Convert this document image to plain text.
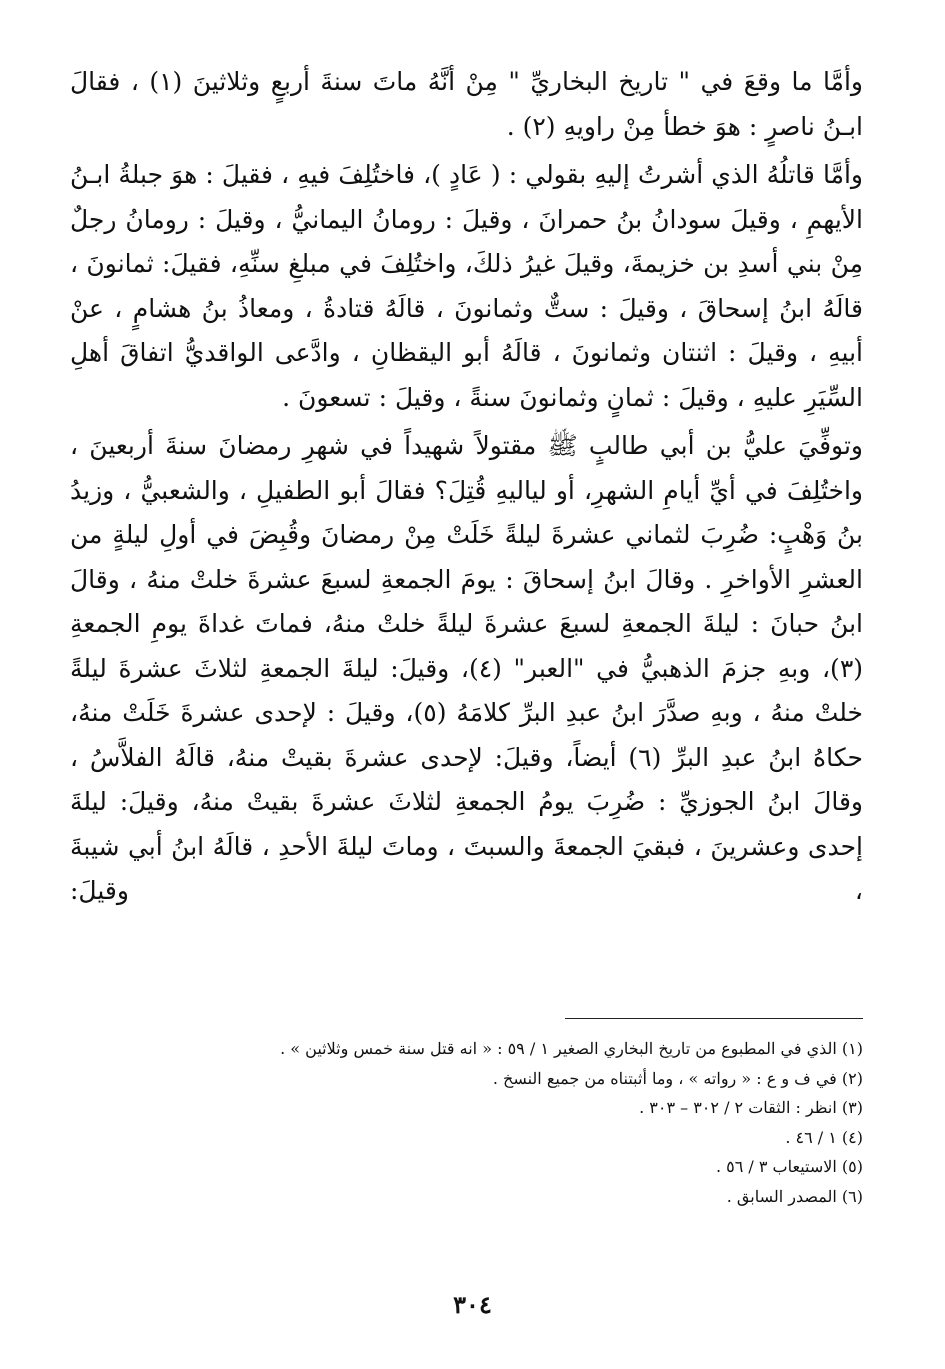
وأمَّا ما وقعَ في " تاريخ البخاريِّ " مِنْ أنَّهُ ماتَ سنةَ أربعٍ وثلاثينَ (١) ، فقالَ ابـنُ ناصرٍ : هوَ خطأ مِنْ راويهِ (٢) .

وأمَّا قاتلُهُ الذي أشرتُ إليهِ بقولي : ( عَادٍ )، فاختُلِفَ فيهِ ، فقيلَ : هوَ جبلةُ ابـنُ الأيهمِ ، وقيلَ سودانُ بنُ حمرانَ ، وقيلَ : رومانُ اليمانيُّ ، وقيلَ : رومانُ رجلٌ مِنْ بني أسدِ بن خزيمةَ، وقيلَ غيرُ ذلكَ، واختُلِفَ في مبلغِ سنِّهِ، فقيلَ: ثمانونَ ، قالَهُ ابنُ إسحاقَ ، وقيلَ : ستٌّ وثمانونَ ، قالَهُ قتادةُ ، ومعاذُ بنُ هشامٍ ، عنْ أبيهِ ، وقيلَ : اثنتان وثمانونَ ، قالَهُ أبو اليقظانِ ، وادَّعى الواقديُّ اتفاقَ أهلِ السِّيَرِ عليهِ ، وقيلَ : ثمانٍ وثمانونَ سنةً ، وقيلَ : تسعونَ .

وتوفِّيَ عليُّ بن أبي طالبٍ ﷺ مقتولاً شهيداً في شهرِ رمضانَ سنةَ أربعينَ ، واختُلِفَ في أيِّ أيامِ الشهرِ، أو لياليهِ قُتِلَ؟ فقالَ أبو الطفيلِ ، والشعبيُّ ، وزيدُ بنُ وَهْبٍ: ضُرِبَ لثماني عشرةَ ليلةً خَلَتْ مِنْ رمضانَ وقُبِضَ في أولِ ليلةٍ من العشرِ الأواخرِ . وقالَ ابنُ إسحاقَ : يومَ الجمعةِ لسبعَ عشرةَ خلتْ منهُ ، وقالَ ابنُ حبانَ : ليلةَ الجمعةِ لسبعَ عشرةَ ليلةً خلتْ منهُ، فماتَ غداةَ يومِ الجمعةِ (٣)، وبهِ جزمَ الذهبيُّ في "العبر" (٤)، وقيلَ: ليلةَ الجمعةِ لثلاثَ عشرةَ ليلةً خلتْ منهُ ، وبهِ صدَّرَ ابنُ عبدِ البرِّ كلامَهُ (٥)، وقيلَ : لإحدى عشرةَ خَلَتْ منهُ، حكاهُ ابنُ عبدِ البرِّ (٦) أيضاً، وقيلَ: لإحدى عشرةَ بقيتْ منهُ، قالَهُ الفلاَّسُ ، وقالَ ابنُ الجوزيِّ : ضُرِبَ يومُ الجمعةِ لثلاثَ عشرةَ بقيتْ منهُ، وقيلَ: ليلةَ إحدى وعشرينَ ، فبقيَ الجمعةَ والسبتَ ، وماتَ ليلةَ الأحدِ ، قالَهُ ابنُ أبي شيبةَ ، وقيلَ:

(١) الذي في المطبوع من تاريخ البخاري الصغير ١ / ٥٩ : « انه قتل سنة خمس وثلاثين » .
(٢) في ف و ع : « رواته » ، وما أثبتناه من جميع النسخ .
(٣) انظر : الثقات ٢ / ٣٠٢ – ٣٠٣ .
(٤) ١ / ٤٦ .
(٥) الاستيعاب ٣ / ٥٦ .
(٦) المصدر السابق .
٣٠٤
